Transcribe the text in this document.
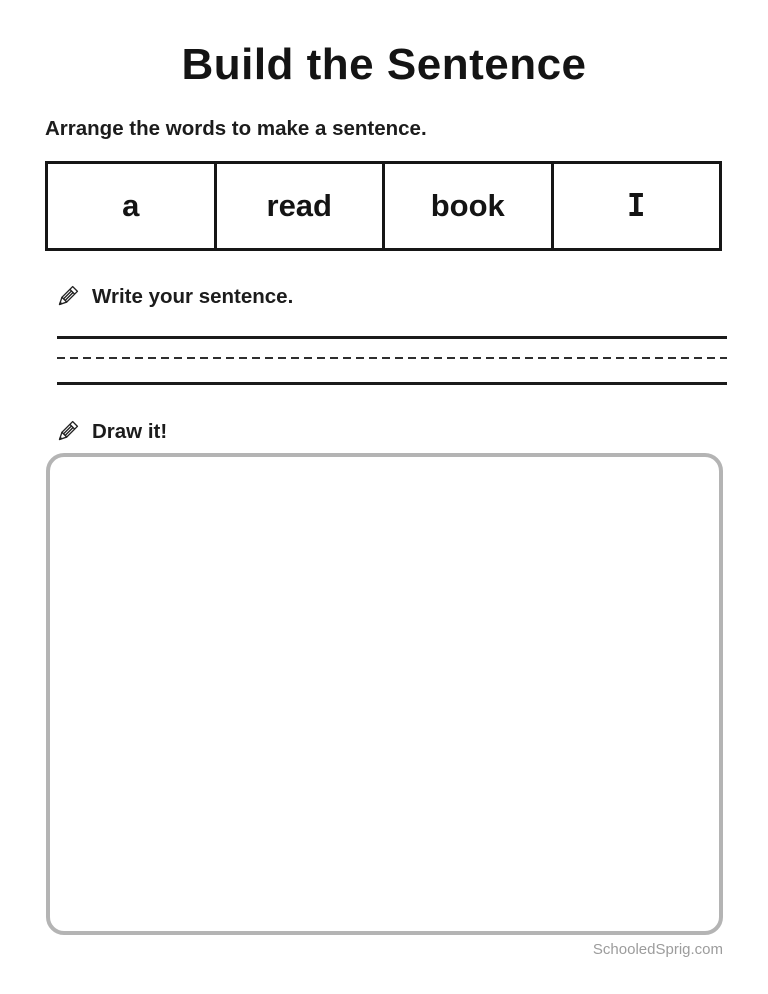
Build the Sentence

Arrange the words to make a sentence.

a	read	book	I
Write your sentence.
Draw it!
SchooledSprig.com
